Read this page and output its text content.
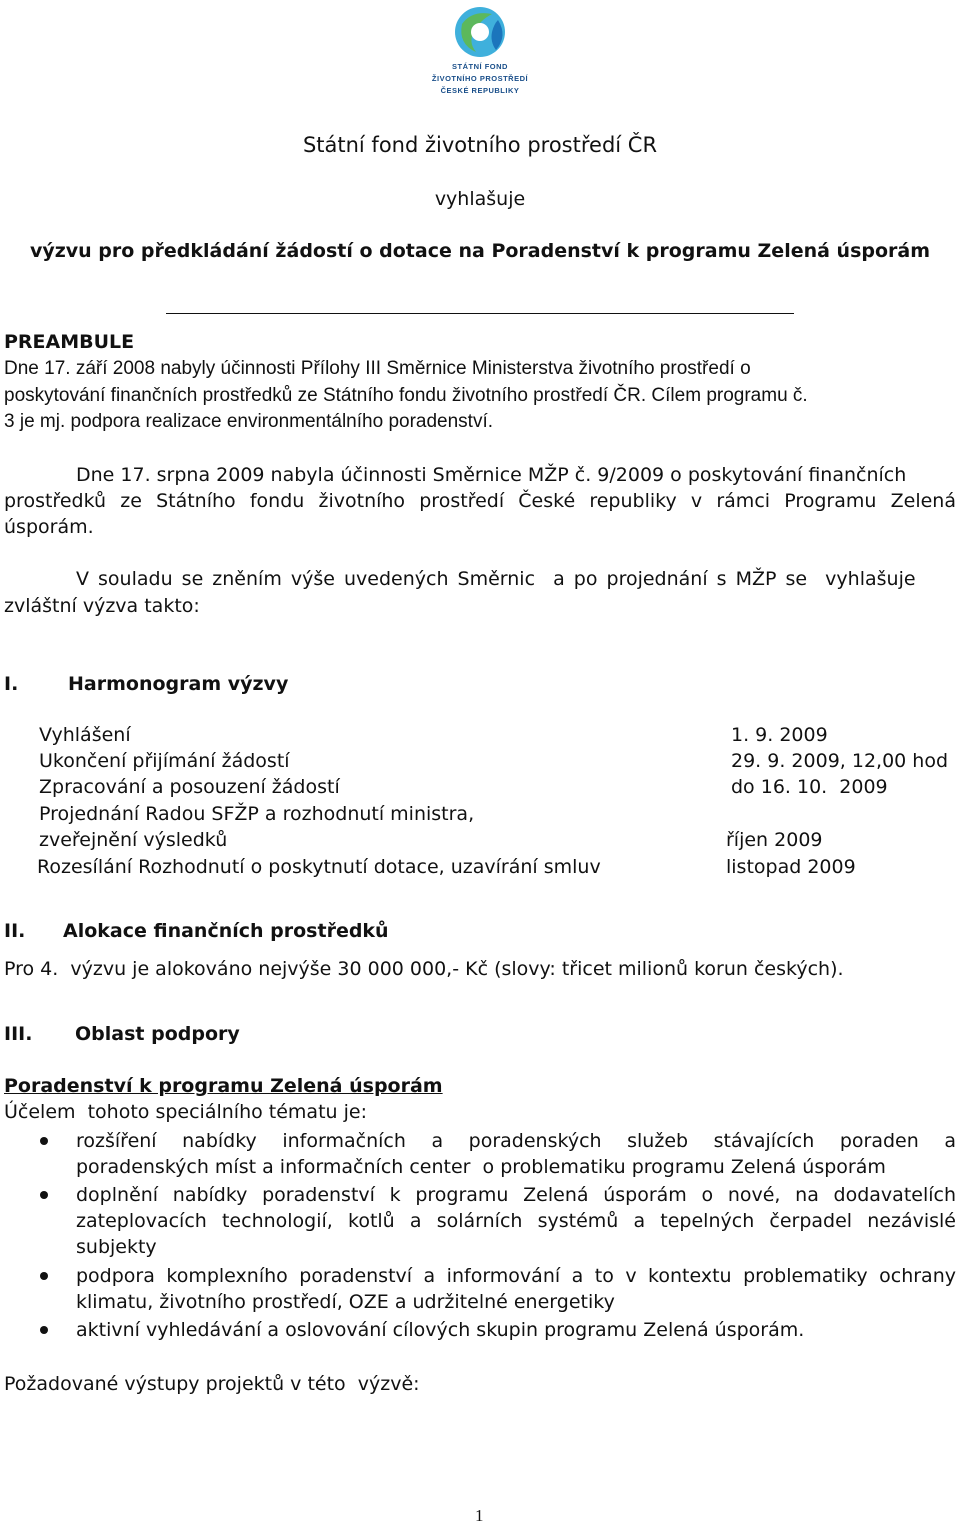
STÁTNÍ FOND
ŽIVOTNÍHO PROSTŘEDÍ
ČESKÉ REPUBLIKY
Státní fond životního prostředí ČR
vyhlašuje
výzvu pro předkládání žádostí o dotace na Poradenství k programu Zelená úsporám
PREAMBULE
Dne 17. září 2008 nabyly účinnosti Přílohy III Směrnice Ministerstva životního prostředí o
poskytování finančních prostředků ze Státního fondu životního prostředí ČR. Cílem programu č.
3 je mj. podpora realizace environmentálního poradenství.
Dne 17. srpna 2009 nabyla účinnosti Směrnice MŽP č. 9/2009 o poskytování finančních
prostředků ze Státního fondu životního prostředí České republiky v rámci Programu Zelená
úsporám.
V souladu se zněním výše uvedených Směrnic  a po projednání s MŽP se  vyhlašuje
zvláštní výzva takto:
I.	Harmonogram výzvy
Vyhlášení	1. 9. 2009
Ukončení přijímání žádostí	29. 9. 2009, 12,00 hod
Zpracování a posouzení žádostí	do 16. 10.  2009
Projednání Radou SFŽP a rozhodnutí ministra,
zveřejnění výsledků	říjen 2009
Rozesílání Rozhodnutí o poskytnutí dotace, uzavírání smluv	listopad 2009
II. Alokace finančních prostředků
Pro 4.  výzvu je alokováno nejvýše 30 000 000,- Kč (slovy: třicet milionů korun českých).
III. Oblast podpory
Poradenství k programu Zelená úsporám
Účelem  tohoto speciálního tématu je:
rozšíření nabídky informačních a poradenských služeb stávajících poraden a
poradenských míst a informačních center  o problematiku programu Zelená úsporám
doplnění nabídky poradenství k programu Zelená úsporám o nové, na dodavatelích
zateplovacích technologií, kotlů a solárních systémů a tepelných čerpadel nezávislé
subjekty
podpora komplexního poradenství a informování a to v kontextu problematiky ochrany
klimatu, životního prostředí, OZE a udržitelné energetiky
aktivní vyhledávání a oslovování cílových skupin programu Zelená úsporám.
Požadované výstupy projektů v této  výzvě:
1
